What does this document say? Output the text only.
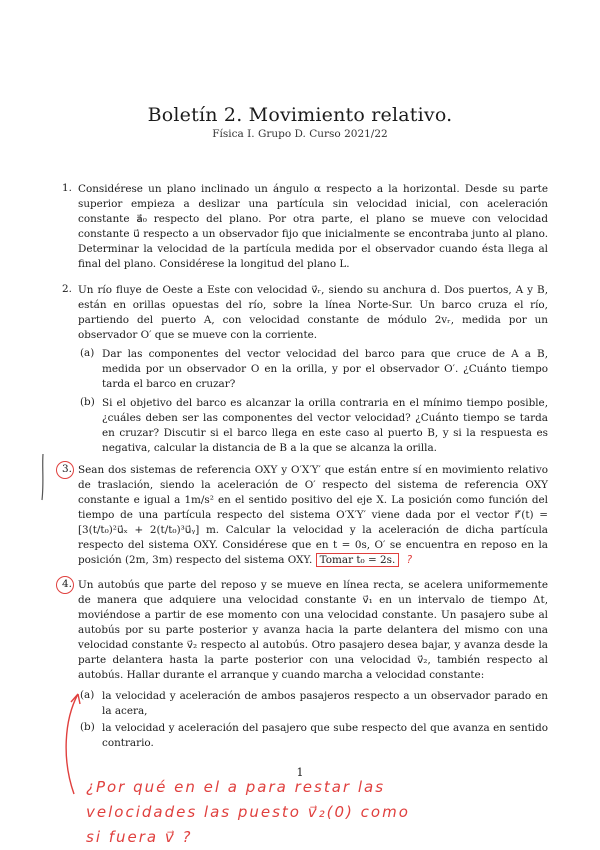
Boletín 2. Movimiento relativo.
Física I. Grupo D. Curso 2021/22
1. Considérese un plano inclinado un ángulo α respecto a la horizontal. Desde su parte superior empieza a deslizar una partícula sin velocidad inicial, con aceleración constante a⃗₀ respecto del plano. Por otra parte, el plano se mueve con velocidad constante u⃗ respecto a un observador fijo que inicialmente se encontraba junto al plano. Determinar la velocidad de la partícula medida por el observador cuando ésta llega al final del plano. Considérese la longitud del plano L.
2. Un río fluye de Oeste a Este con velocidad v⃗ᵣ, siendo su anchura d. Dos puertos, A y B, están en orillas opuestas del río, sobre la línea Norte-Sur. Un barco cruza el río, partiendo del puerto A, con velocidad constante de módulo 2vᵣ, medida por un observador O′ que se mueve con la corriente.
(a) Dar las componentes del vector velocidad del barco para que cruce de A a B, medida por un observador O en la orilla, y por el observador O′. ¿Cuánto tiempo tarda el barco en cruzar?
(b) Si el objetivo del barco es alcanzar la orilla contraria en el mínimo tiempo posible, ¿cuáles deben ser las componentes del vector velocidad? ¿Cuánto tiempo se tarda en cruzar? Discutir si el barco llega en este caso al puerto B, y si la respuesta es negativa, calcular la distancia de B a la que se alcanza la orilla.
3. Sean dos sistemas de referencia OXY y O′X′Y′ que están entre sí en movimiento relativo de traslación, siendo la aceleración de O′ respecto del sistema de referencia OXY constante e igual a 1m/s² en el sentido positivo del eje X. La posición como función del tiempo de una partícula respecto del sistema O′X′Y′ viene dada por el vector r⃗′(t) = [3(t/t₀)²u⃗ₓ + 2(t/t₀)³u⃗ᵧ] m. Calcular la velocidad y la aceleración de dicha partícula respecto del sistema OXY. Considérese que en t = 0s, O′ se encuentra en reposo en la posición (2m, 3m) respecto del sistema OXY. Tomar t₀ = 2s. ?
4. Un autobús que parte del reposo y se mueve en línea recta, se acelera uniformemente de manera que adquiere una velocidad constante v⃗₁ en un intervalo de tiempo Δt, moviéndose a partir de ese momento con una velocidad constante. Un pasajero sube al autobús por su parte posterior y avanza hacia la parte delantera del mismo con una velocidad constante v⃗₂ respecto al autobús. Otro pasajero desea bajar, y avanza desde la parte delantera hasta la parte posterior con una velocidad v⃗₂, también respecto al autobús. Hallar durante el arranque y cuando marcha a velocidad constante:
(a) la velocidad y aceleración de ambos pasajeros respecto a un observador parado en la acera,
(b) la velocidad y aceleración del pasajero que sube respecto del que avanza en sentido contrario.
1
¿Por qué en el a para restar las
velocidades las puesto v⃗₂(0) como
si fuera v⃗ ?
